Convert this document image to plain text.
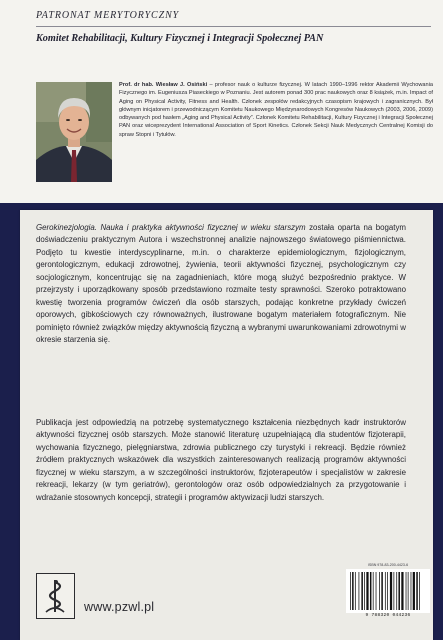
PATRONAT MERYTORYCZNY
Komitet Rehabilitacji, Kultury Fizycznej i Integracji Społecznej PAN
Prof. dr hab. Wiesław J. Osiński – profesor nauk o kulturze fizycznej. W latach 1990–1996 rektor Akademii Wychowania Fizycznego im. Eugeniusza Piaseckiego w Poznaniu. Jest autorem ponad 300 prac naukowych oraz 8 książek, m.in. Impact of Aging on Physical Activity, Fitness and Health. Członek zespołów redakcyjnych czasopism krajowych i zagranicznych. Był głównym inicjatorem i przewodniczącym Komitetu Naukowego Międzynarodowych Kongresów Naukowych (2003, 2006, 2009) odbywanych pod hasłem „Aging and Physical Activity”. Członek Komitetu Rehabilitacji, Kultury Fizycznej i Integracji Społecznej PAN oraz wiceprezydent International Association of Sport Kinetics. Członek Sekcji Nauk Medycznych Centralnej Komisji do spraw Stopni i Tytułów.
Gerokinezjologia. Nauka i praktyka aktywności fizycznej w wieku starszym została oparta na bogatym doświadczeniu praktycznym Autora i wszechstronnej analizie najnowszego światowego piśmiennictwa. Podjęto tu kwestie interdyscyplinarne, m.in. o charakterze epidemiologicznym, fizjologicznym, gerontologicznym, edukacji zdrowotnej, żywienia, teorii aktywności fizycznej, psychologicznym czy socjologicznym, koncentrując się na zagadnieniach, które mogą służyć bezpośrednio praktyce. W przejrzysty i uporządkowany sposób przedstawiono rozmaite testy sprawności. Szeroko potraktowano kwestię tworzenia programów ćwiczeń dla osób starszych, podając konkretne przykłady ćwiczeń oporowych, gibkościowych czy równoważnych, ilustrowane bogatym materiałem fotograficznym. Nie pominięto również związków między aktywnością fizyczną a wybranymi uwarunkowaniami zdrowotnymi w okresie starzenia się.
Publikacja jest odpowiedzią na potrzebę systematycznego kształcenia niezbędnych kadr instruktorów aktywności fizycznej osób starszych. Może stanowić literaturę uzupełniającą dla studentów fizjoterapii, wychowania fizycznego, pielęgniarstwa, zdrowia publicznego czy turystyki i rekreacji. Będzie również źródłem praktycznych wskazówek dla wszystkich zainteresowanych realizacją programów aktywności fizycznej w wieku starszym, a w szczególności instruktorów, fizjoterapeutów i specjalistów w zakresie rekreacji, lekarzy (w tym geriatrów), gerontologów oraz osób odpowiedzialnych za przygotowanie i wdrażanie stosownych koncepcji, strategii i programów aktywizacji ludzi starszych.
www.pzwl.pl
ISBN 978-83-200-4423-6
9 788320 044236
